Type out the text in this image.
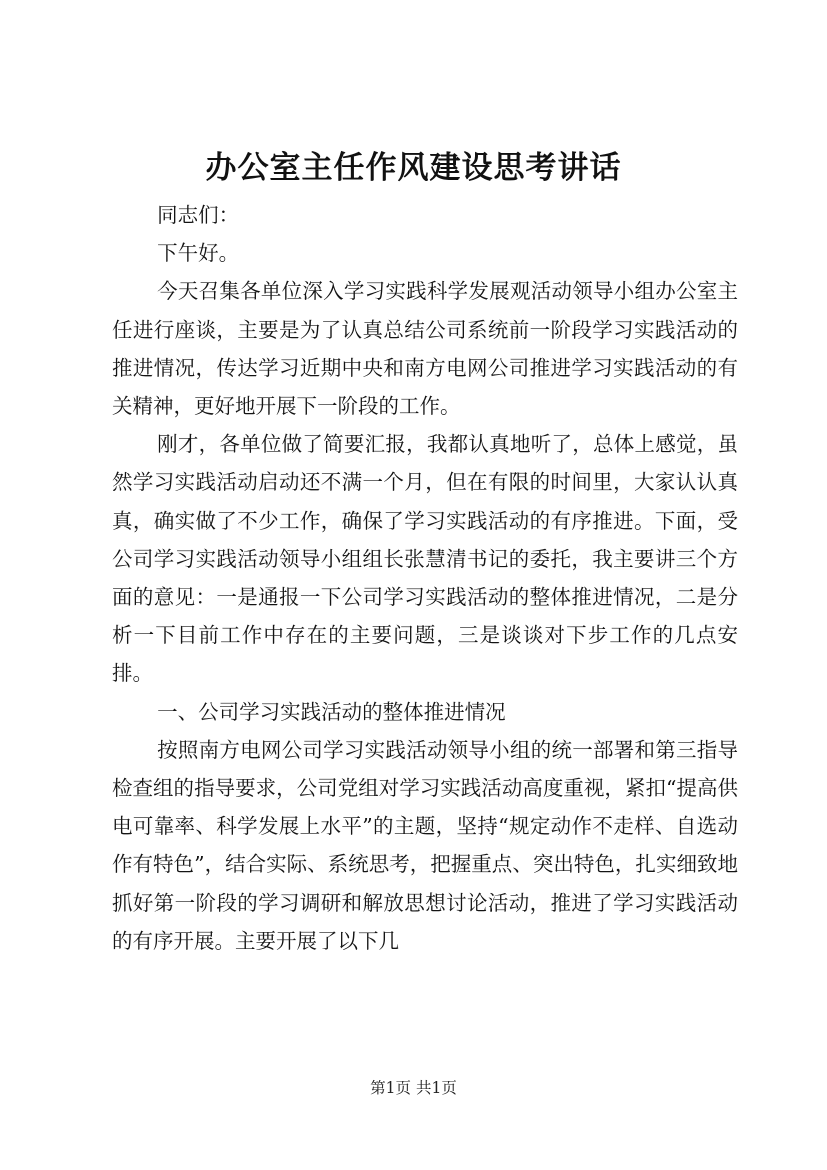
办公室主任作风建设思考讲话

同志们：

下午好。

今天召集各单位深入学习实践科学发展观活动领导小组办公室主任进行座谈，主要是为了认真总结公司系统前一阶段学习实践活动的推进情况，传达学习近期中央和南方电网公司推进学习实践活动的有关精神，更好地开展下一阶段的工作。

刚才，各单位做了简要汇报，我都认真地听了，总体上感觉，虽然学习实践活动启动还不满一个月，但在有限的时间里，大家认认真真，确实做了不少工作，确保了学习实践活动的有序推进。下面，受公司学习实践活动领导小组组长张慧清书记的委托，我主要讲三个方面的意见：一是通报一下公司学习实践活动的整体推进情况，二是分析一下目前工作中存在的主要问题，三是谈谈对下步工作的几点安排。

一、公司学习实践活动的整体推进情况

按照南方电网公司学习实践活动领导小组的统一部署和第三指导检查组的指导要求，公司党组对学习实践活动高度重视，紧扣“提高供电可靠率、科学发展上水平”的主题，坚持“规定动作不走样、自选动作有特色”，结合实际、系统思考，把握重点、突出特色，扎实细致地抓好第一阶段的学习调研和解放思想讨论活动，推进了学习实践活动的有序开展。主要开展了以下几

第1页 共1页
